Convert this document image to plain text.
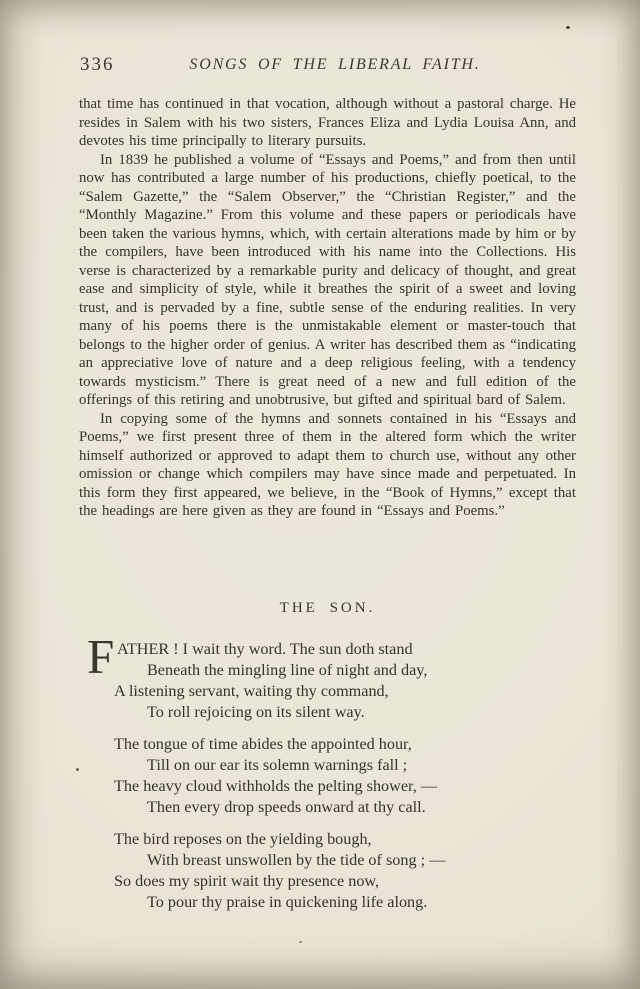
336	SONGS OF THE LIBERAL FAITH.

that time has continued in that vocation, although without a pastoral charge. He resides in Salem with his two sisters, Frances Eliza and Lydia Louisa Ann, and devotes his time principally to literary pursuits.

In 1839 he published a volume of “Essays and Poems,” and from then until now has contributed a large number of his productions, chiefly poetical, to the “Salem Gazette,” the “Salem Observer,” the “Christian Register,” and the “Monthly Magazine.” From this volume and these papers or periodicals have been taken the various hymns, which, with certain alterations made by him or by the compilers, have been introduced with his name into the Collections. His verse is characterized by a remarkable purity and delicacy of thought, and great ease and simplicity of style, while it breathes the spirit of a sweet and loving trust, and is pervaded by a fine, subtle sense of the enduring realities. In very many of his poems there is the unmistakable element or master-touch that belongs to the higher order of genius. A writer has described them as “indicating an appreciative love of nature and a deep religious feeling, with a tendency towards mysticism.” There is great need of a new and full edition of the offerings of this retiring and unobtrusive, but gifted and spiritual bard of Salem.

In copying some of the hymns and sonnets contained in his “Essays and Poems,” we first present three of them in the altered form which the writer himself authorized or approved to adapt them to church use, without any other omission or change which compilers may have since made and perpetuated. In this form they first appeared, we believe, in the “Book of Hymns,” except that the headings are here given as they are found in “Essays and Poems.”

THE SON.
F ATHER ! I wait thy word. The sun doth stand
Beneath the mingling line of night and day,
A listening servant, waiting thy command,
To roll rejoicing on its silent way.
The tongue of time abides the appointed hour,
Till on our ear its solemn warnings fall ;
The heavy cloud withholds the pelting shower, —
Then every drop speeds onward at thy call.
The bird reposes on the yielding bough,
With breast unswollen by the tide of song ; —
So does my spirit wait thy presence now,
To pour thy praise in quickening life along.
